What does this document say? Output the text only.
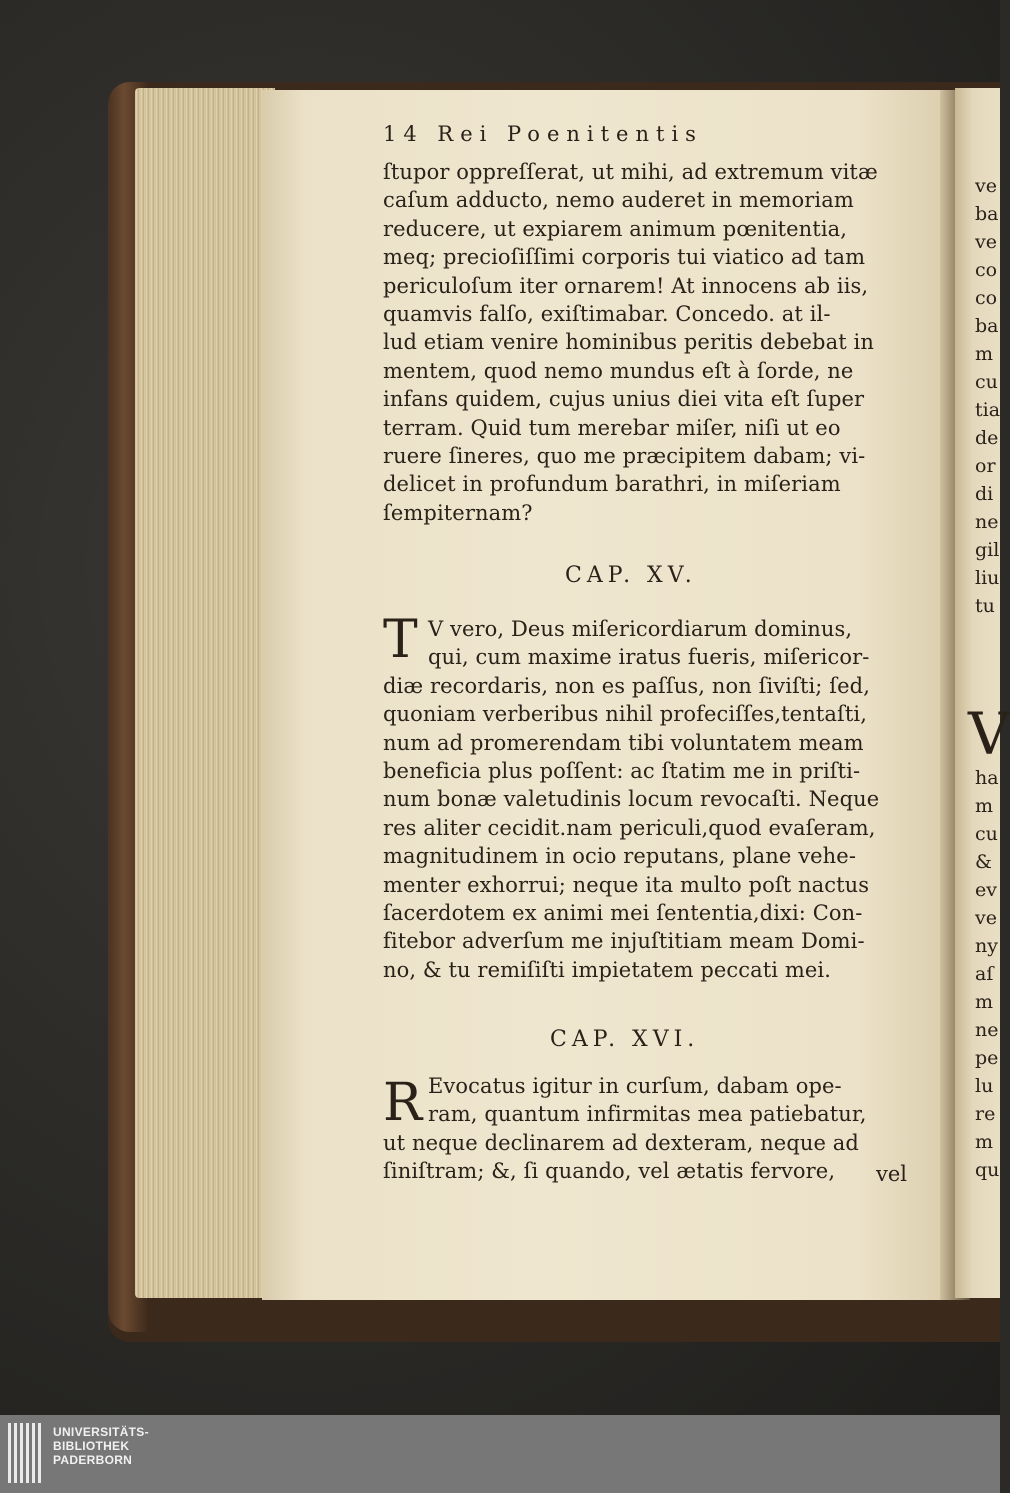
14 Rei Poenitentis
ſtupor oppreſſerat, ut mihi, ad extremum vitæ
caſum adducto, nemo auderet in memoriam
reducere, ut expiarem animum pœnitentia,
meq; precioſiſſimi corporis tui viatico ad tam
periculoſum iter ornarem! At innocens ab iis,
quamvis falſo, exiſtimabar. Concedo. at il-
lud etiam venire hominibus peritis debebat in
mentem, quod nemo mundus eſt à ſorde, ne
infans quidem, cujus unius diei vita eſt ſuper
terram. Quid tum merebar miſer, niſi ut eo
ruere ſineres, quo me præcipitem dabam; vi-
delicet in profundum barathri, in miſeriam
ſempiternam?
CAP. XV.
T V vero, Deus miſericordiarum dominus,
qui, cum maxime iratus fueris, miſericor-
diæ recordaris, non es paſſus, non ſiviſti; ſed,
quoniam verberibus nihil profeciſſes,tentaſti,
num ad promerendam tibi voluntatem meam
beneficia plus poſſent: ac ſtatim me in priſti-
num bonæ valetudinis locum revocaſti. Neque
res aliter cecidit.nam periculi,quod evaſeram,
magnitudinem in ocio reputans, plane vehe-
menter exhorrui; neque ita multo poſt nactus
ſacerdotem ex animi mei ſententia,dixi: Con-
fitebor adverſum me injuſtitiam meam Domi-
no, & tu remiſiſti impietatem peccati mei.
CAP. XVI.
R Evocatus igitur in curſum, dabam ope-
ram, quantum infirmitas mea patiebatur,
ut neque declinarem ad dexteram, neque ad
ſiniſtram; &, ſi quando, vel ætatis fervore, vel
ve
ba
ve
co
co
ba
m
cu
tia
de
or
di
ne
gil
liu
tu
ha
m
cu
&
ev
ve
ny
aſ
m
ne
pe
lu
re
m
qu
V
UNIVERSITÄTS-
BIBLIOTHEK
PADERBORN
